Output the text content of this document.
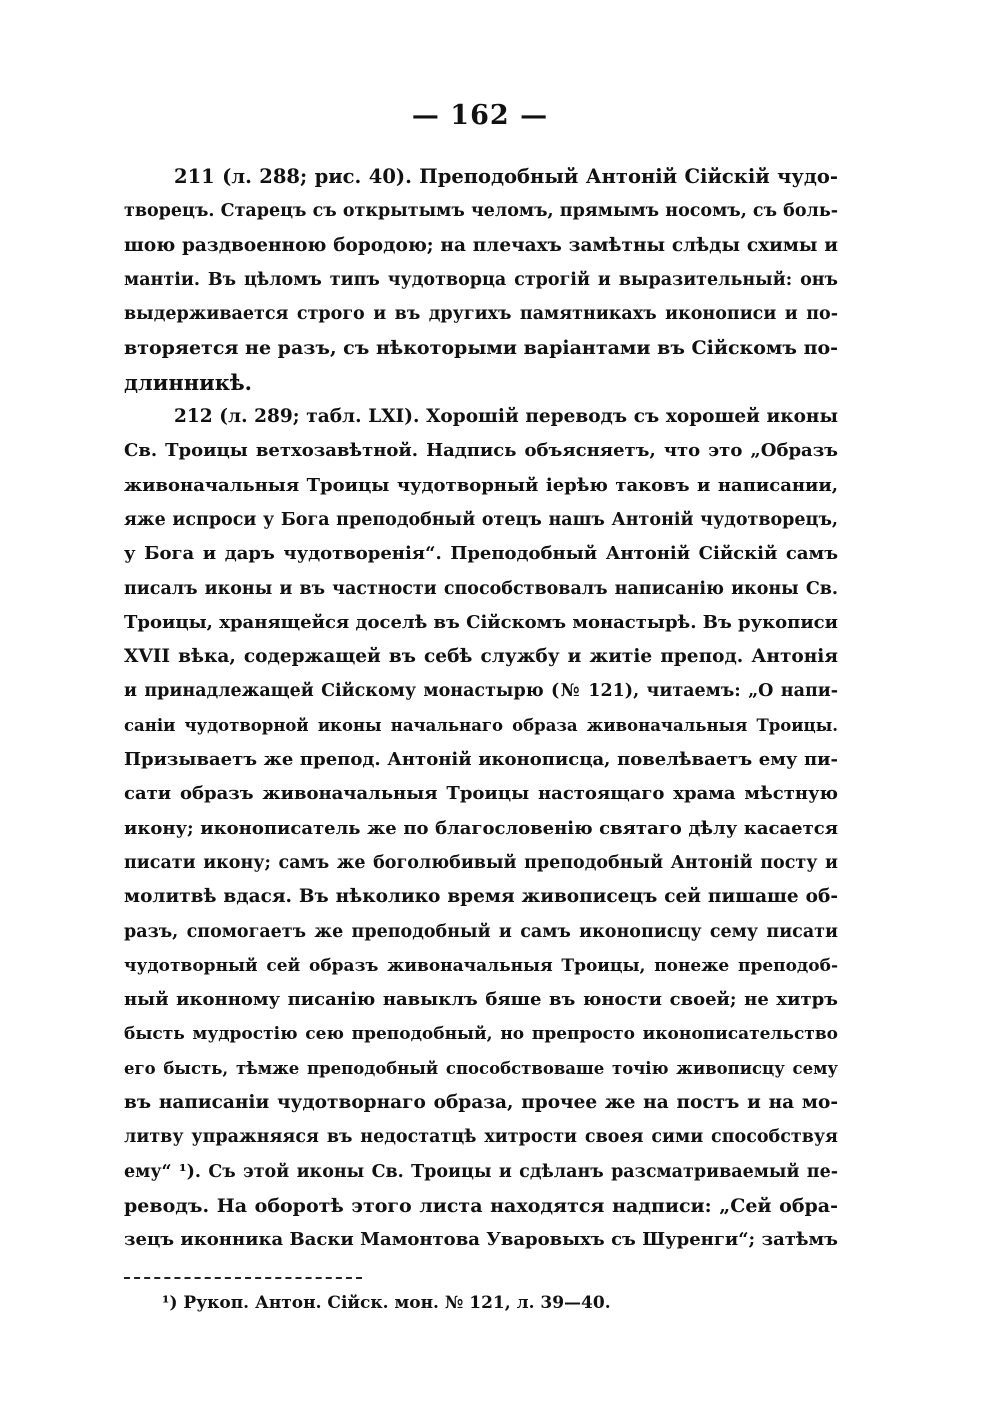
— 162 —
211 (л. 288; рис. 40). Преподобный Антоній Сійскій чудо-
творецъ. Старецъ съ открытымъ челомъ, прямымъ носомъ, съ боль-
шою раздвоенною бородою; на плечахъ замѣтны слѣды схимы и
мантіи. Въ цѣломъ типъ чудотворца строгій и выразительный: онъ
выдерживается строго и въ другихъ памятникахъ иконописи и по-
вторяется не разъ, съ нѣкоторыми варіантами въ Сійскомъ по-
длинникѣ.
212 (л. 289; табл. LXI). Хорошій переводъ съ хорошей иконы
Св. Троицы ветхозавѣтной. Надпись объясняетъ, что это „Образъ
живоначальныя Троицы чудотворный іерѣю таковъ и написании,
яже испроси у Бога преподобный отецъ нашъ Антоній чудотворецъ,
у Бога и даръ чудотворенія“. Преподобный Антоній Сійскій самъ
писалъ иконы и въ частности способствовалъ написанію иконы Св.
Троицы, хранящейся доселѣ въ Сійскомъ монастырѣ. Въ рукописи
XVII вѣка, содержащей въ себѣ службу и житіе препод. Антонія
и принадлежащей Сійскому монастырю (№ 121), читаемъ: „О напи-
саніи чудотворной иконы начальнаго образа живоначальныя Троицы.
Призываетъ же препод. Антоній иконописца, повелѣваетъ ему пи-
сати образъ живоначальныя Троицы настоящаго храма мѣстную
икону; иконописатель же по благословенію святаго дѣлу касается
писати икону; самъ же боголюбивый преподобный Антоній посту и
молитвѣ вдася. Въ нѣколико время живописецъ сей пишаше об-
разъ, спомогаетъ же преподобный и самъ иконописцу сему писати
чудотворный сей образъ живоначальныя Троицы, понеже преподоб-
ный иконному писанію навыклъ бяше въ юности своей; не хитръ
бысть мудростію сею преподобный, но препросто иконописательство
его бысть, тѣмже преподобный способствоваше точію живописцу сему
въ написаніи чудотворнаго образа, прочее же на постъ и на мо-
литву упражняяся въ недостатцѣ хитрости своея сими способствуя
ему“ ¹). Съ этой иконы Св. Троицы и сдѣланъ разсматриваемый пе-
реводъ. На оборотѣ этого листа находятся надписи: „Сей обра-
зецъ иконника Васки Мамонтова Уваровыхъ съ Шуренги“; затѣмъ
¹) Рукоп. Антон. Сійск. мон. № 121, л. 39—40.
